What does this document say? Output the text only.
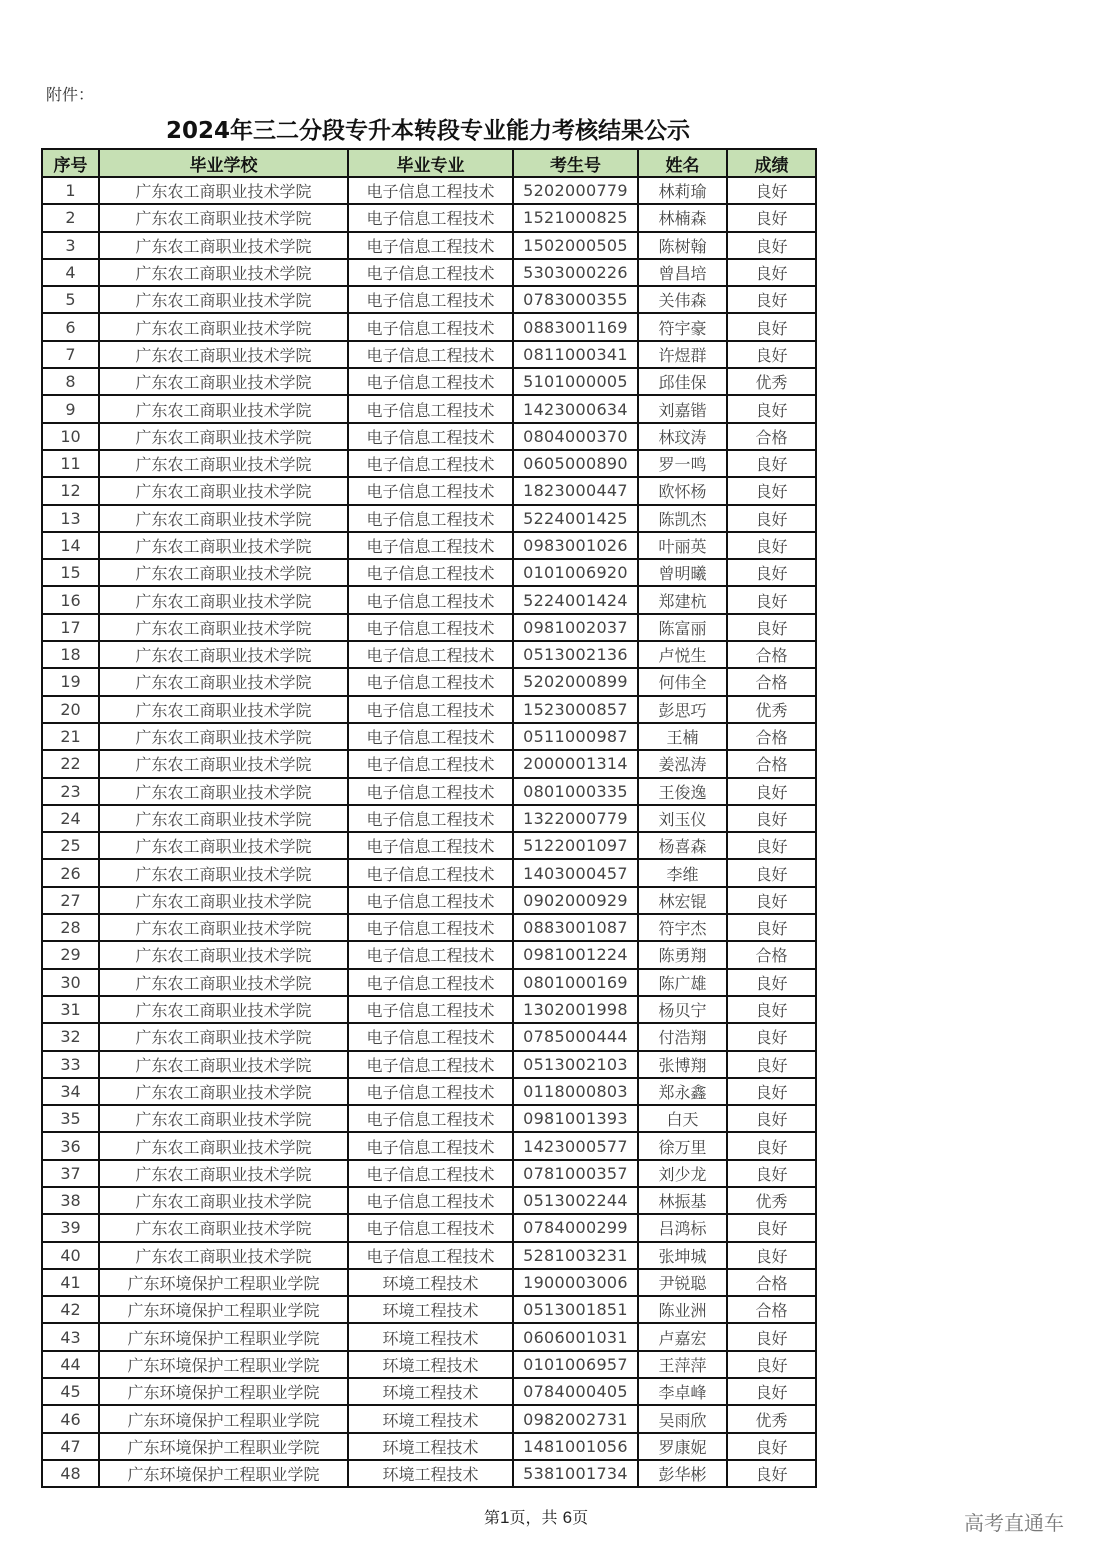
附件：
2024年三二分段专升本转段专业能力考核结果公示
序号	毕业学校	毕业专业	考生号	姓名	成绩
1	广东农工商职业技术学院	电子信息工程技术	5202000779	林莉瑜	良好
2	广东农工商职业技术学院	电子信息工程技术	1521000825	林楠森	良好
3	广东农工商职业技术学院	电子信息工程技术	1502000505	陈树翰	良好
4	广东农工商职业技术学院	电子信息工程技术	5303000226	曾昌培	良好
5	广东农工商职业技术学院	电子信息工程技术	0783000355	关伟森	良好
6	广东农工商职业技术学院	电子信息工程技术	0883001169	符宇豪	良好
7	广东农工商职业技术学院	电子信息工程技术	0811000341	许煜群	良好
8	广东农工商职业技术学院	电子信息工程技术	5101000005	邱佳保	优秀
9	广东农工商职业技术学院	电子信息工程技术	1423000634	刘嘉锴	良好
10	广东农工商职业技术学院	电子信息工程技术	0804000370	林玟涛	合格
11	广东农工商职业技术学院	电子信息工程技术	0605000890	罗一鸣	良好
12	广东农工商职业技术学院	电子信息工程技术	1823000447	欧怀杨	良好
13	广东农工商职业技术学院	电子信息工程技术	5224001425	陈凯杰	良好
14	广东农工商职业技术学院	电子信息工程技术	0983001026	叶丽英	良好
15	广东农工商职业技术学院	电子信息工程技术	0101006920	曾明曦	良好
16	广东农工商职业技术学院	电子信息工程技术	5224001424	郑建杭	良好
17	广东农工商职业技术学院	电子信息工程技术	0981002037	陈富丽	良好
18	广东农工商职业技术学院	电子信息工程技术	0513002136	卢悦生	合格
19	广东农工商职业技术学院	电子信息工程技术	5202000899	何伟全	合格
20	广东农工商职业技术学院	电子信息工程技术	1523000857	彭思巧	优秀
21	广东农工商职业技术学院	电子信息工程技术	0511000987	王楠	合格
22	广东农工商职业技术学院	电子信息工程技术	2000001314	姜泓涛	合格
23	广东农工商职业技术学院	电子信息工程技术	0801000335	王俊逸	良好
24	广东农工商职业技术学院	电子信息工程技术	1322000779	刘玉仪	良好
25	广东农工商职业技术学院	电子信息工程技术	5122001097	杨喜森	良好
26	广东农工商职业技术学院	电子信息工程技术	1403000457	李维	良好
27	广东农工商职业技术学院	电子信息工程技术	0902000929	林宏锟	良好
28	广东农工商职业技术学院	电子信息工程技术	0883001087	符宇杰	良好
29	广东农工商职业技术学院	电子信息工程技术	0981001224	陈勇翔	合格
30	广东农工商职业技术学院	电子信息工程技术	0801000169	陈广雄	良好
31	广东农工商职业技术学院	电子信息工程技术	1302001998	杨贝宁	良好
32	广东农工商职业技术学院	电子信息工程技术	0785000444	付浩翔	良好
33	广东农工商职业技术学院	电子信息工程技术	0513002103	张博翔	良好
34	广东农工商职业技术学院	电子信息工程技术	0118000803	郑永鑫	良好
35	广东农工商职业技术学院	电子信息工程技术	0981001393	白天	良好
36	广东农工商职业技术学院	电子信息工程技术	1423000577	徐万里	良好
37	广东农工商职业技术学院	电子信息工程技术	0781000357	刘少龙	良好
38	广东农工商职业技术学院	电子信息工程技术	0513002244	林振基	优秀
39	广东农工商职业技术学院	电子信息工程技术	0784000299	吕鸿标	良好
40	广东农工商职业技术学院	电子信息工程技术	5281003231	张坤城	良好
41	广东环境保护工程职业学院	环境工程技术	1900003006	尹锐聪	合格
42	广东环境保护工程职业学院	环境工程技术	0513001851	陈业洲	合格
43	广东环境保护工程职业学院	环境工程技术	0606001031	卢嘉宏	良好
44	广东环境保护工程职业学院	环境工程技术	0101006957	王萍萍	良好
45	广东环境保护工程职业学院	环境工程技术	0784000405	李卓峰	良好
46	广东环境保护工程职业学院	环境工程技术	0982002731	吴雨欣	优秀
47	广东环境保护工程职业学院	环境工程技术	1481001056	罗康妮	良好
48	广东环境保护工程职业学院	环境工程技术	5381001734	彭华彬	良好
第1页，共 6页	高考直通车
